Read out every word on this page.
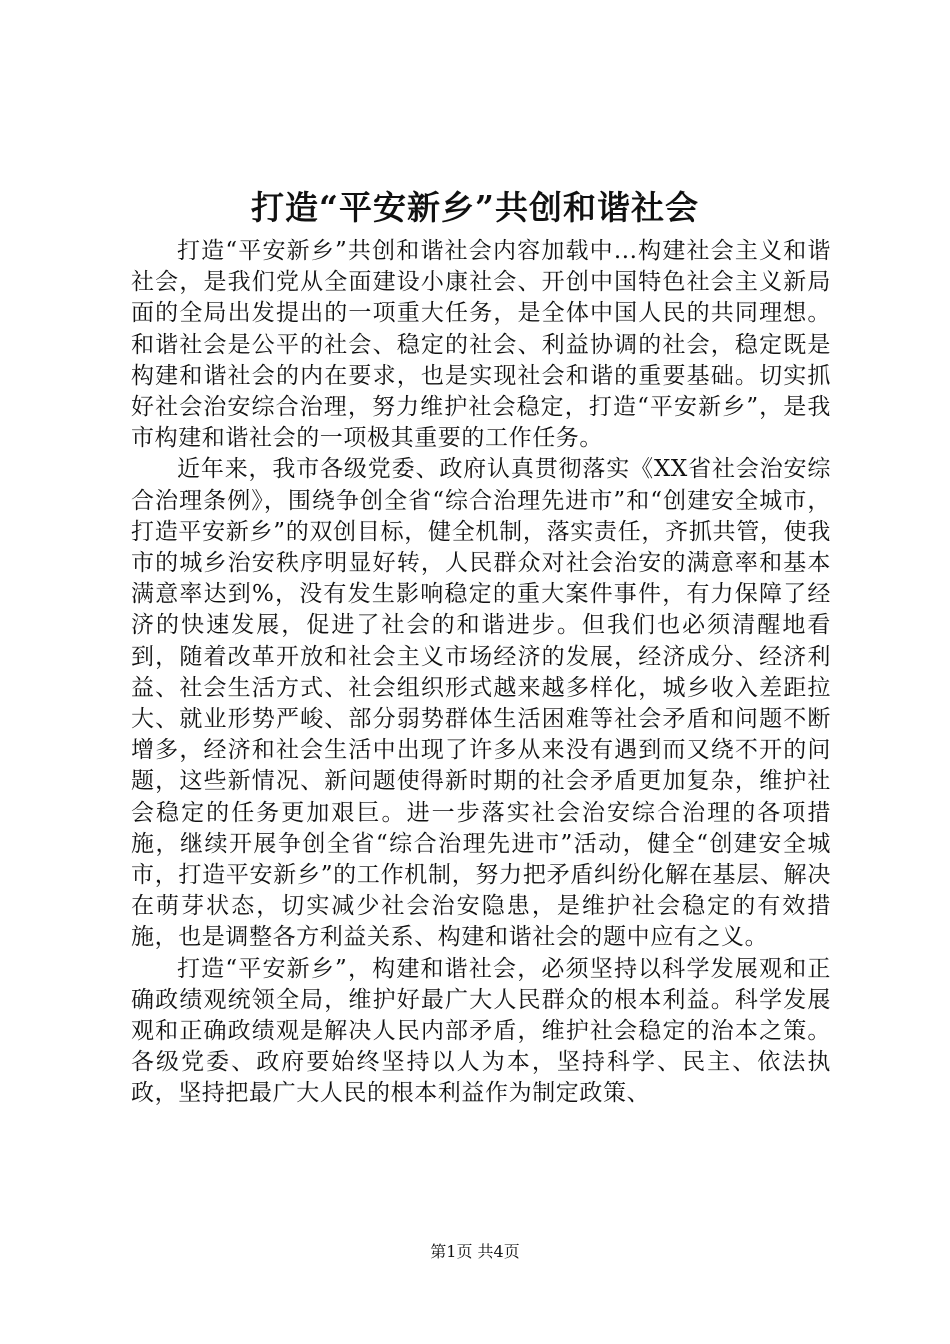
打造“平安新乡”共创和谐社会

打造“平安新乡”共创和谐社会内容加载中...构建社会主义和谐社会，是我们党从全面建设小康社会、开创中国特色社会主义新局面的全局出发提出的一项重大任务，是全体中国人民的共同理想。和谐社会是公平的社会、稳定的社会、利益协调的社会，稳定既是构建和谐社会的内在要求，也是实现社会和谐的重要基础。切实抓好社会治安综合治理，努力维护社会稳定，打造“平安新乡”，是我市构建和谐社会的一项极其重要的工作任务。

近年来，我市各级党委、政府认真贯彻落实《XX省社会治安综合治理条例》，围绕争创全省“综合治理先进市”和“创建安全城市，打造平安新乡”的双创目标，健全机制，落实责任，齐抓共管，使我市的城乡治安秩序明显好转，人民群众对社会治安的满意率和基本满意率达到%，没有发生影响稳定的重大案件事件，有力保障了经济的快速发展，促进了社会的和谐进步。但我们也必须清醒地看到，随着改革开放和社会主义市场经济的发展，经济成分、经济利益、社会生活方式、社会组织形式越来越多样化，城乡收入差距拉大、就业形势严峻、部分弱势群体生活困难等社会矛盾和问题不断增多，经济和社会生活中出现了许多从来没有遇到而又绕不开的问题，这些新情况、新问题使得新时期的社会矛盾更加复杂，维护社会稳定的任务更加艰巨。进一步落实社会治安综合治理的各项措施，继续开展争创全省“综合治理先进市”活动，健全“创建安全城市，打造平安新乡”的工作机制，努力把矛盾纠纷化解在基层、解决在萌芽状态，切实减少社会治安隐患，是维护社会稳定的有效措施，也是调整各方利益关系、构建和谐社会的题中应有之义。

打造“平安新乡”，构建和谐社会，必须坚持以科学发展观和正确政绩观统领全局，维护好最广大人民群众的根本利益。科学发展观和正确政绩观是解决人民内部矛盾，维护社会稳定的治本之策。各级党委、政府要始终坚持以人为本，坚持科学、民主、依法执政，坚持把最广大人民的根本利益作为制定政策、

第1页 共4页
